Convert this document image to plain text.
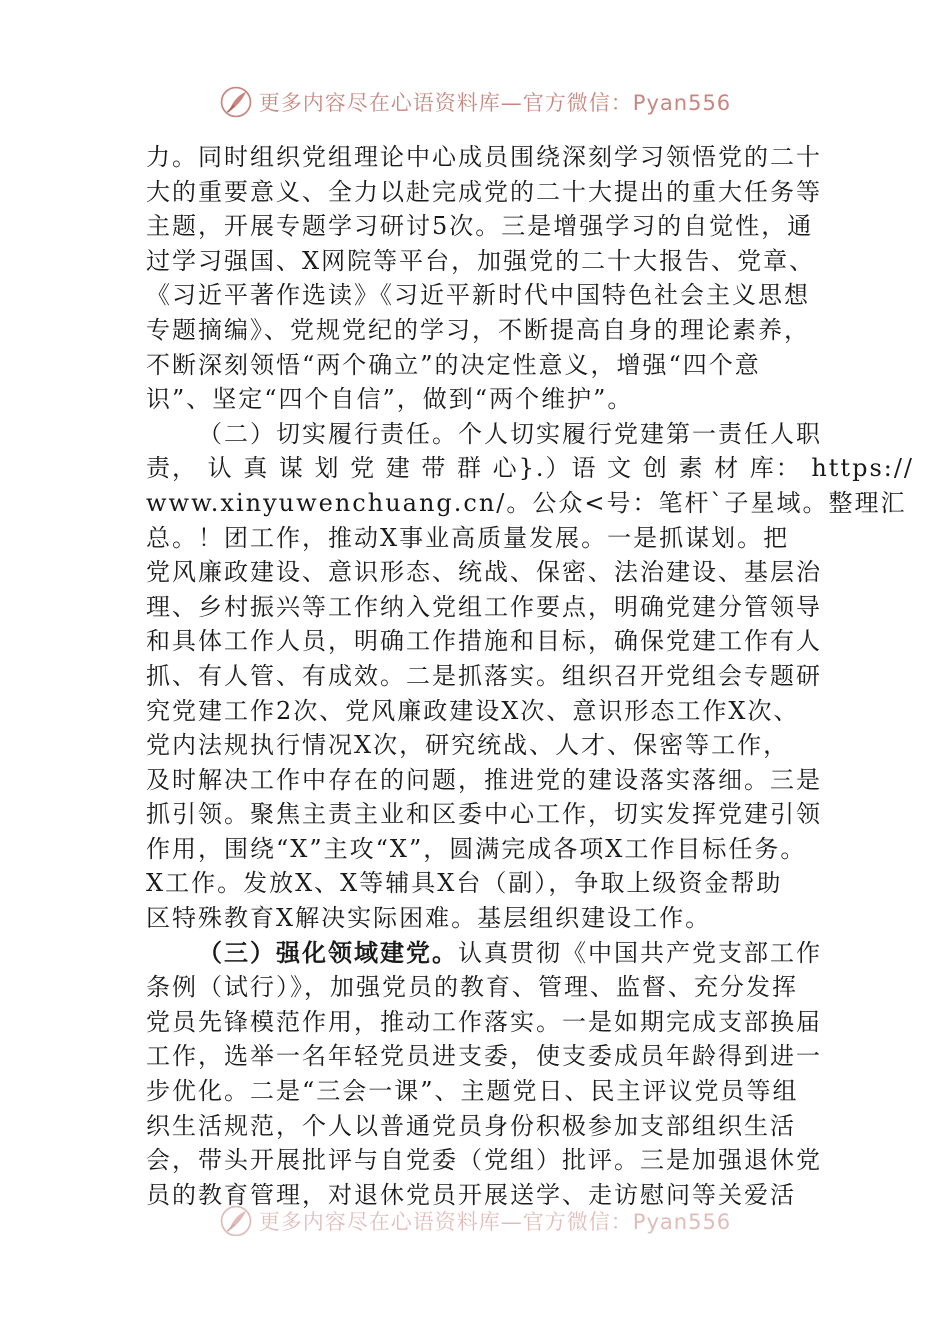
更多内容尽在心语资料库—官方微信：Pyan556
力。同时组织党组理论中心成员围绕深刻学习领悟党的二十
大的重要意义、全力以赴完成党的二十大提出的重大任务等
主题，开展专题学习研讨5次。三是增强学习的自觉性，通
过学习强国、X网院等平台，加强党的二十大报告、党章、
《习近平著作选读》《习近平新时代中国特色社会主义思想
专题摘编》、党规党纪的学习，不断提高自身的理论素养，
不断深刻领悟“两个确立”的决定性意义，增强“四个意
识”、坚定“四个自信”，做到“两个维护”。
（二）切实履行责任。个人切实履行党建第一责任人职
责， 认 真 谋 划 党 建 带 群 心}.）语 文 创 素 材 库： https://
www.xinyuwenchuang.cn/。公众<号：笔杆`子星域。整理汇
总。！团工作，推动X事业高质量发展。一是抓谋划。把
党风廉政建设、意识形态、统战、保密、法治建设、基层治
理、乡村振兴等工作纳入党组工作要点，明确党建分管领导
和具体工作人员，明确工作措施和目标，确保党建工作有人
抓、有人管、有成效。二是抓落实。组织召开党组会专题研
究党建工作2次、党风廉政建设X次、意识形态工作X次、
党内法规执行情况X次，研究统战、人才、保密等工作，
及时解决工作中存在的问题，推进党的建设落实落细。三是
抓引领。聚焦主责主业和区委中心工作，切实发挥党建引领
作用，围绕“X”主攻“X”，圆满完成各项X工作目标任务。
X工作。发放X、X等辅具X台（副），争取上级资金帮助
区特殊教育X解决实际困难。基层组织建设工作。
（三）强化领域建党。认真贯彻《中国共产党支部工作
条例（试行）》，加强党员的教育、管理、监督、充分发挥
党员先锋模范作用，推动工作落实。一是如期完成支部换届
工作，选举一名年轻党员进支委，使支委成员年龄得到进一
步优化。二是“三会一课”、主题党日、民主评议党员等组
织生活规范，个人以普通党员身份积极参加支部组织生活
会，带头开展批评与自党委（党组）批评。三是加强退休党
员的教育管理，对退休党员开展送学、走访慰问等关爱活
更多内容尽在心语资料库—官方微信：Pyan556
